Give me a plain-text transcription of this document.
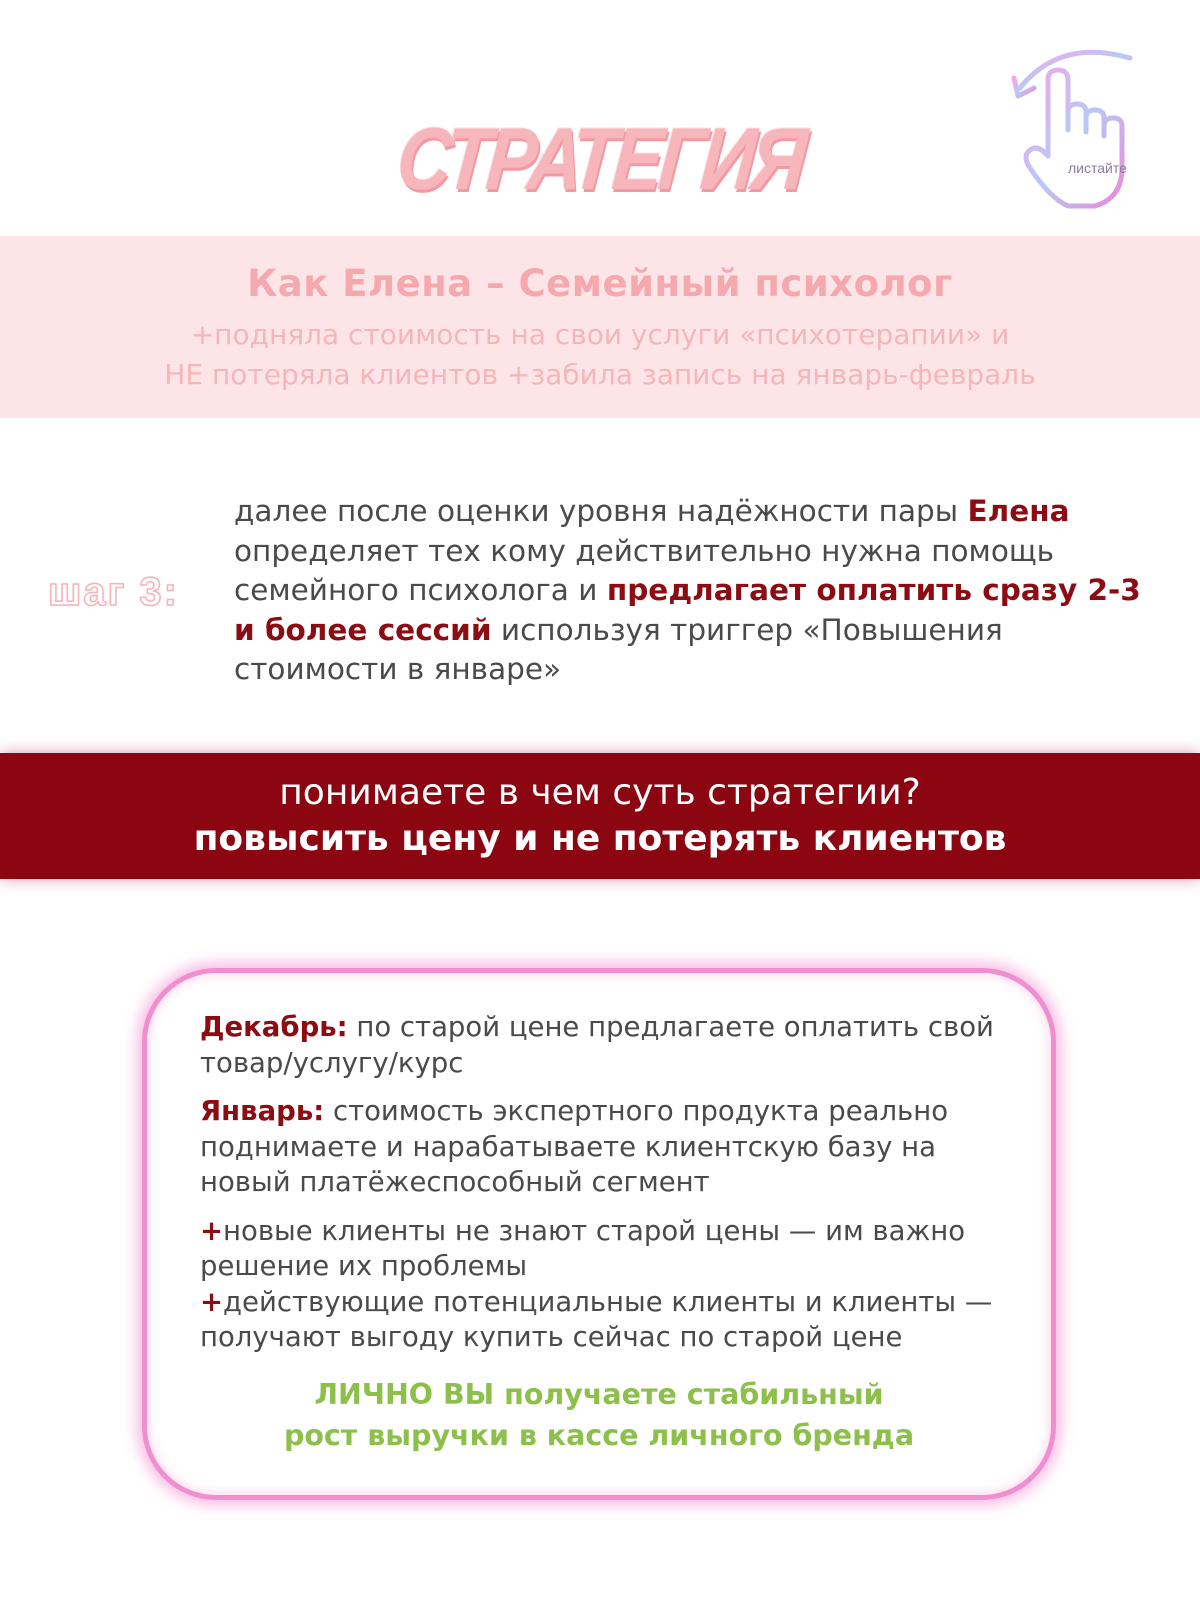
СТРАТЕГИЯ	листайте
Как Елена – Семейный психолог
+подняла стоимость на свои услуги «психотерапии» и
НЕ потеряла клиентов +забила запись на январь-февраль
шаг 3:
далее после оценки уровня надёжности пары Елена определяет тех кому действительно нужна помощь семейного психолога и предлагает оплатить сразу 2-3 и более сессий используя триггер «Повышения стоимости в январе»
понимаете в чем суть стратегии?
повысить цену и не потерять клиентов
Декабрь: по старой цене предлагаете оплатить свой товар/услугу/курс
Январь: стоимость экспертного продукта реально поднимаете и нарабатываете клиентскую базу на новый платёжеспособный сегмент
+новые клиенты не знают старой цены — им важно решение их проблемы
+действующие потенциальные клиенты и клиенты — получают выгоду купить сейчас по старой цене
ЛИЧНО ВЫ получаете стабильный
рост выручки в кассе личного бренда
